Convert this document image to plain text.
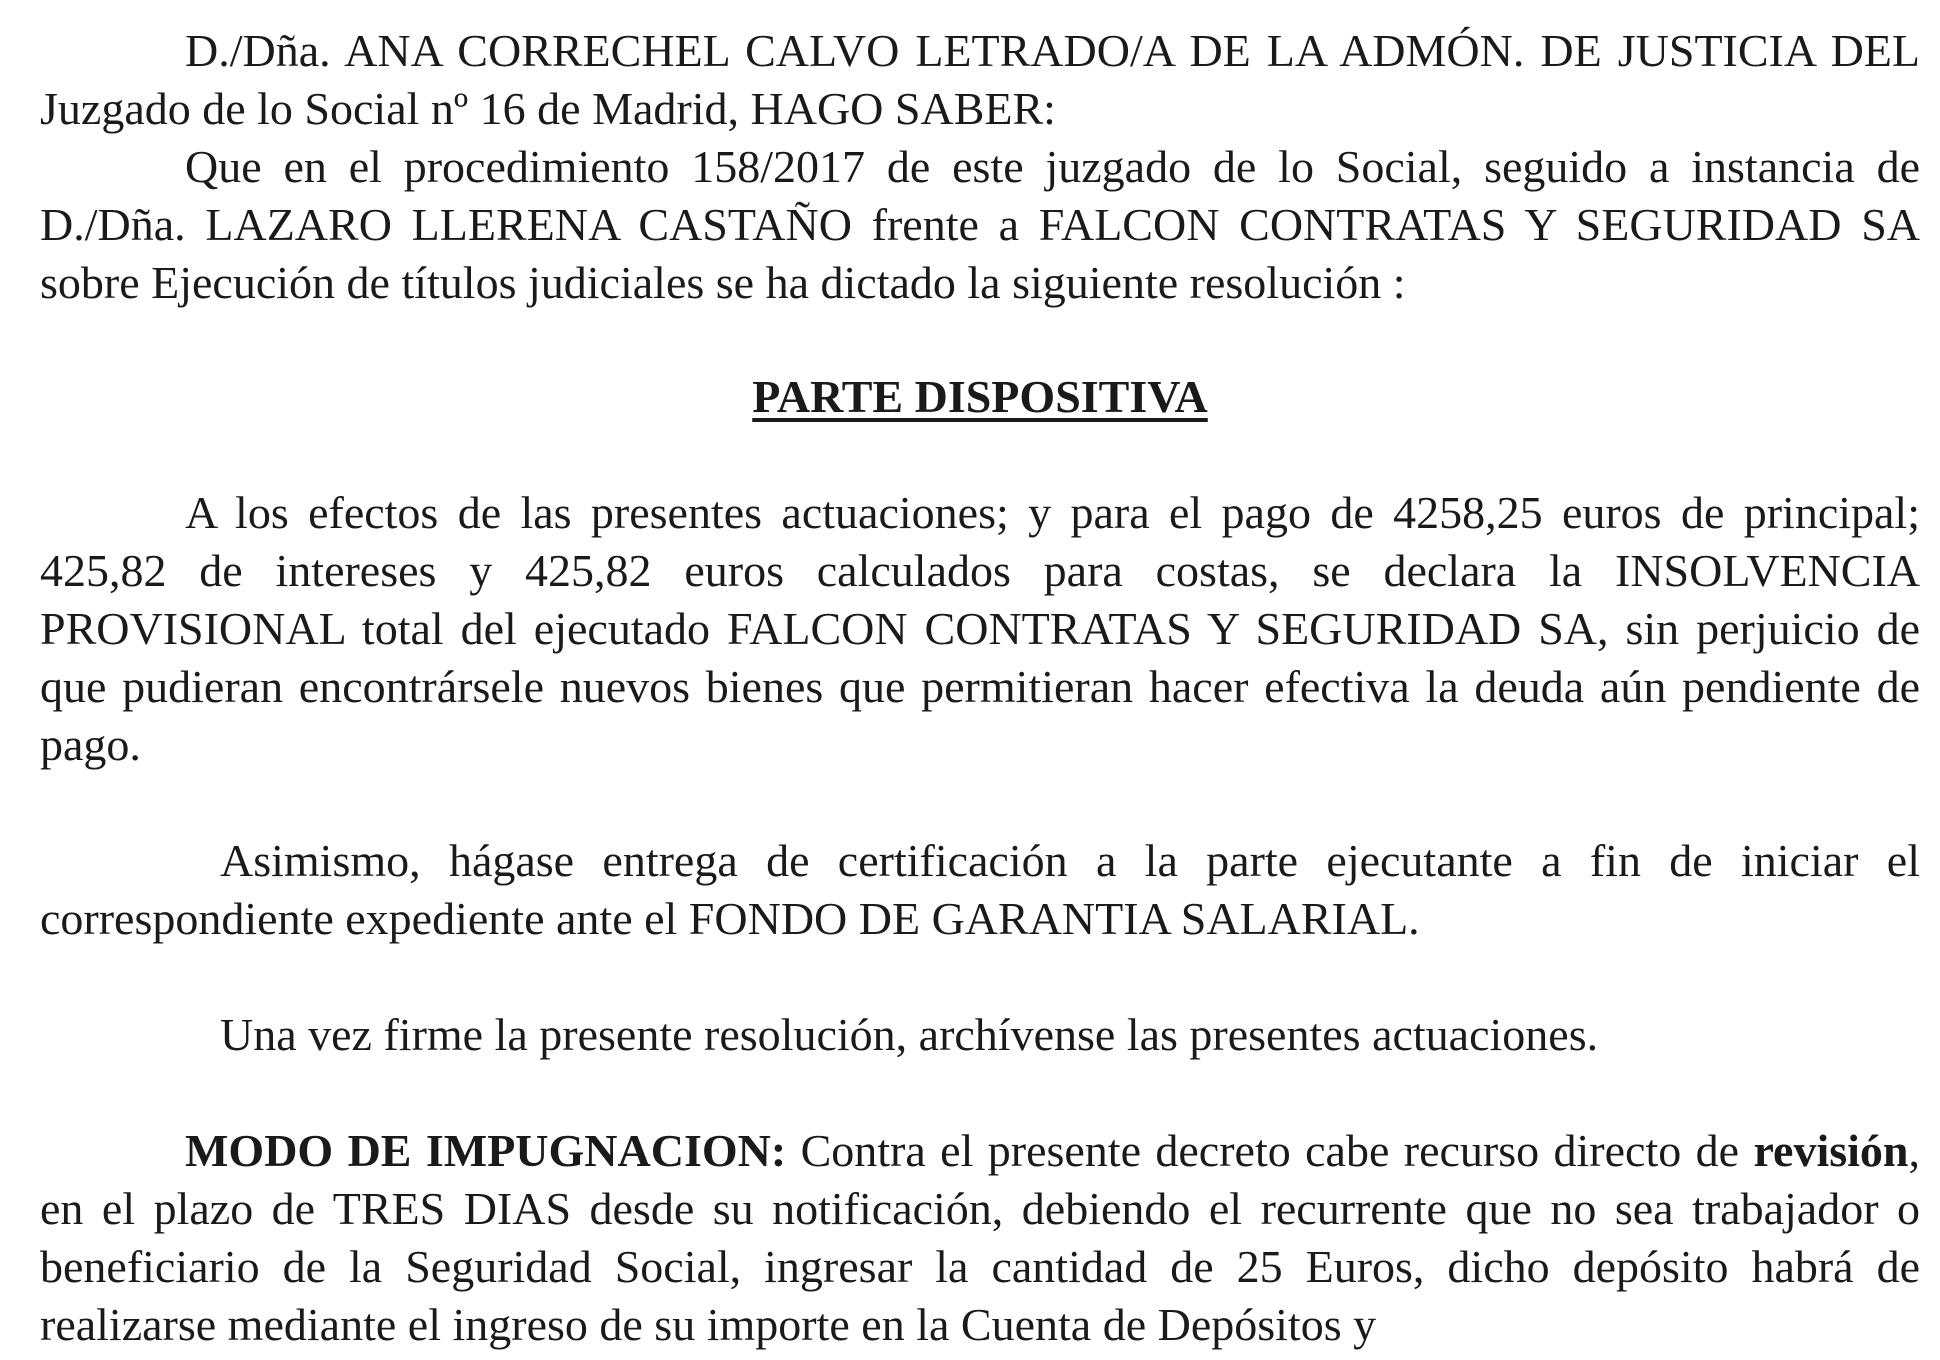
D./Dña. ANA CORRECHEL CALVO LETRADO/A DE LA ADMÓN. DE JUSTICIA DEL Juzgado de lo Social nº 16 de Madrid, HAGO SABER:

Que en el procedimiento 158/2017 de este juzgado de lo Social, seguido a instancia de D./Dña. LAZARO LLERENA CASTAÑO frente a FALCON CONTRATAS Y SEGURIDAD SA sobre Ejecución de títulos judiciales se ha dictado la siguiente resolución :

PARTE DISPOSITIVA

A los efectos de las presentes actuaciones; y para el pago de 4258,25 euros de principal; 425,82 de intereses y 425,82 euros calculados para costas, se declara la INSOLVENCIA PROVISIONAL total del ejecutado FALCON CONTRATAS Y SEGURIDAD SA, sin perjuicio de que pudieran encontrársele nuevos bienes que permitieran hacer efectiva la deuda aún pendiente de pago.

Asimismo, hágase entrega de certificación a la parte ejecutante a fin de iniciar el correspondiente expediente ante el FONDO DE GARANTIA SALARIAL.

Una vez firme la presente resolución, archívense las presentes actuaciones.

MODO DE IMPUGNACION: Contra el presente decreto cabe recurso directo de revisión, en el plazo de TRES DIAS desde su notificación, debiendo el recurrente que no sea trabajador o beneficiario de la Seguridad Social, ingresar la cantidad de 25 Euros, dicho depósito habrá de realizarse mediante el ingreso de su importe en la Cuenta de Depósitos y
